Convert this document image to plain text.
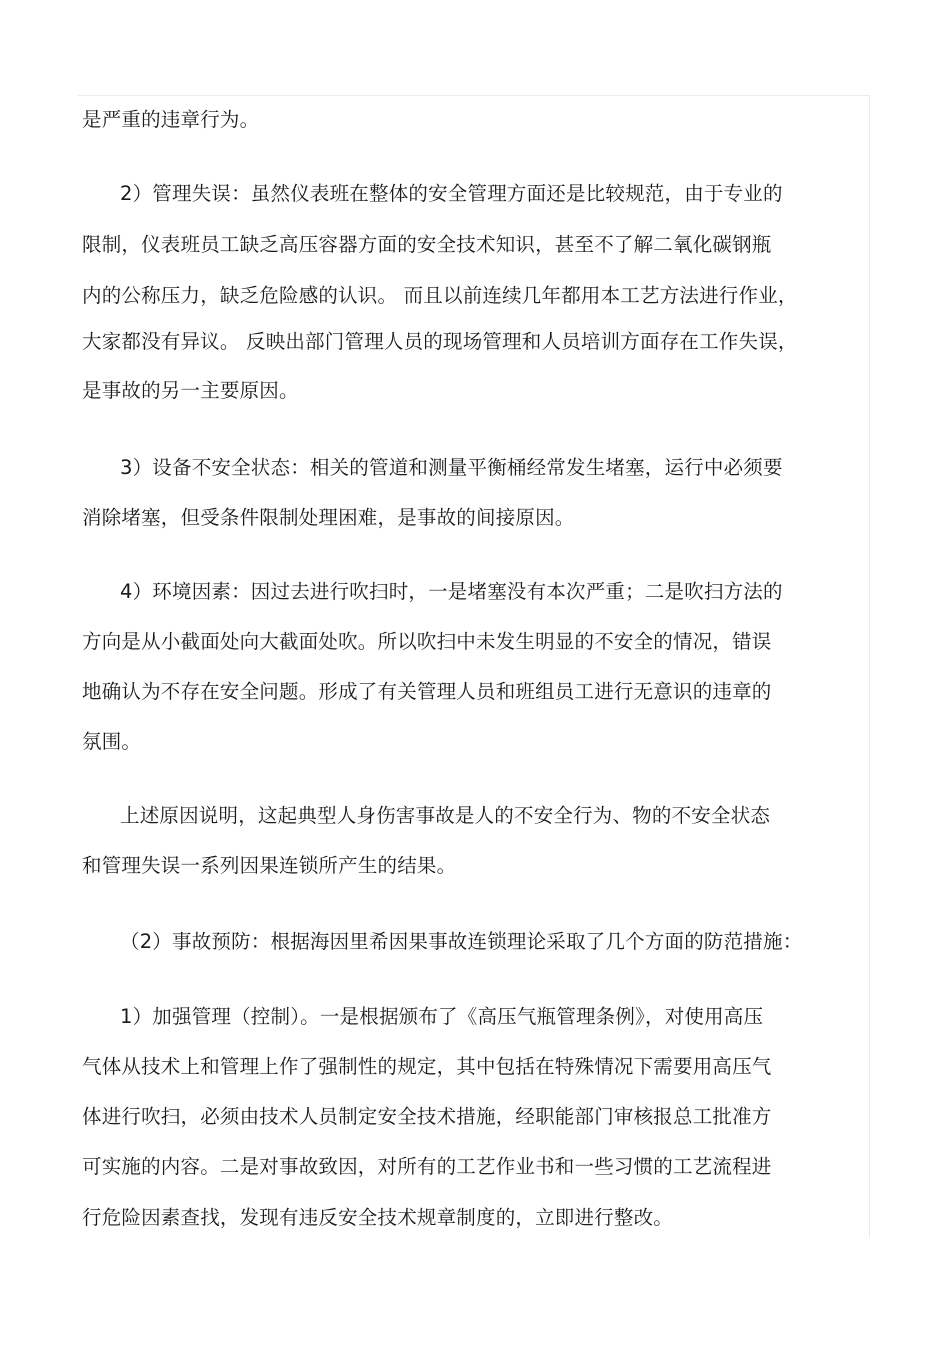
是严重的违章行为。
2）管理失误：虽然仪表班在整体的安全管理方面还是比较规范，由于专业的
限制，仪表班员工缺乏高压容器方面的安全技术知识，甚至不了解二氧化碳钢瓶
内的公称压力，缺乏危险感的认识。 而且以前连续几年都用本工艺方法进行作业，
大家都没有异议。 反映出部门管理人员的现场管理和人员培训方面存在工作失误，
是事故的另一主要原因。
3）设备不安全状态：相关的管道和测量平衡桶经常发生堵塞，运行中必须要
消除堵塞，但受条件限制处理困难，是事故的间接原因。
4）环境因素：因过去进行吹扫时，一是堵塞没有本次严重；二是吹扫方法的
方向是从小截面处向大截面处吹。所以吹扫中未发生明显的不安全的情况，错误
地确认为不存在安全问题。形成了有关管理人员和班组员工进行无意识的违章的
氛围。
上述原因说明，这起典型人身伤害事故是人的不安全行为、物的不安全状态
和管理失误一系列因果连锁所产生的结果。
（2）事故预防：根据海因里希因果事故连锁理论采取了几个方面的防范措施：
1）加强管理（控制）。一是根据颁布了《高压气瓶管理条例》，对使用高压
气体从技术上和管理上作了强制性的规定，其中包括在特殊情况下需要用高压气
体进行吹扫，必须由技术人员制定安全技术措施，经职能部门审核报总工批准方
可实施的内容。二是对事故致因，对所有的工艺作业书和一些习惯的工艺流程进
行危险因素查找，发现有违反安全技术规章制度的，立即进行整改。
